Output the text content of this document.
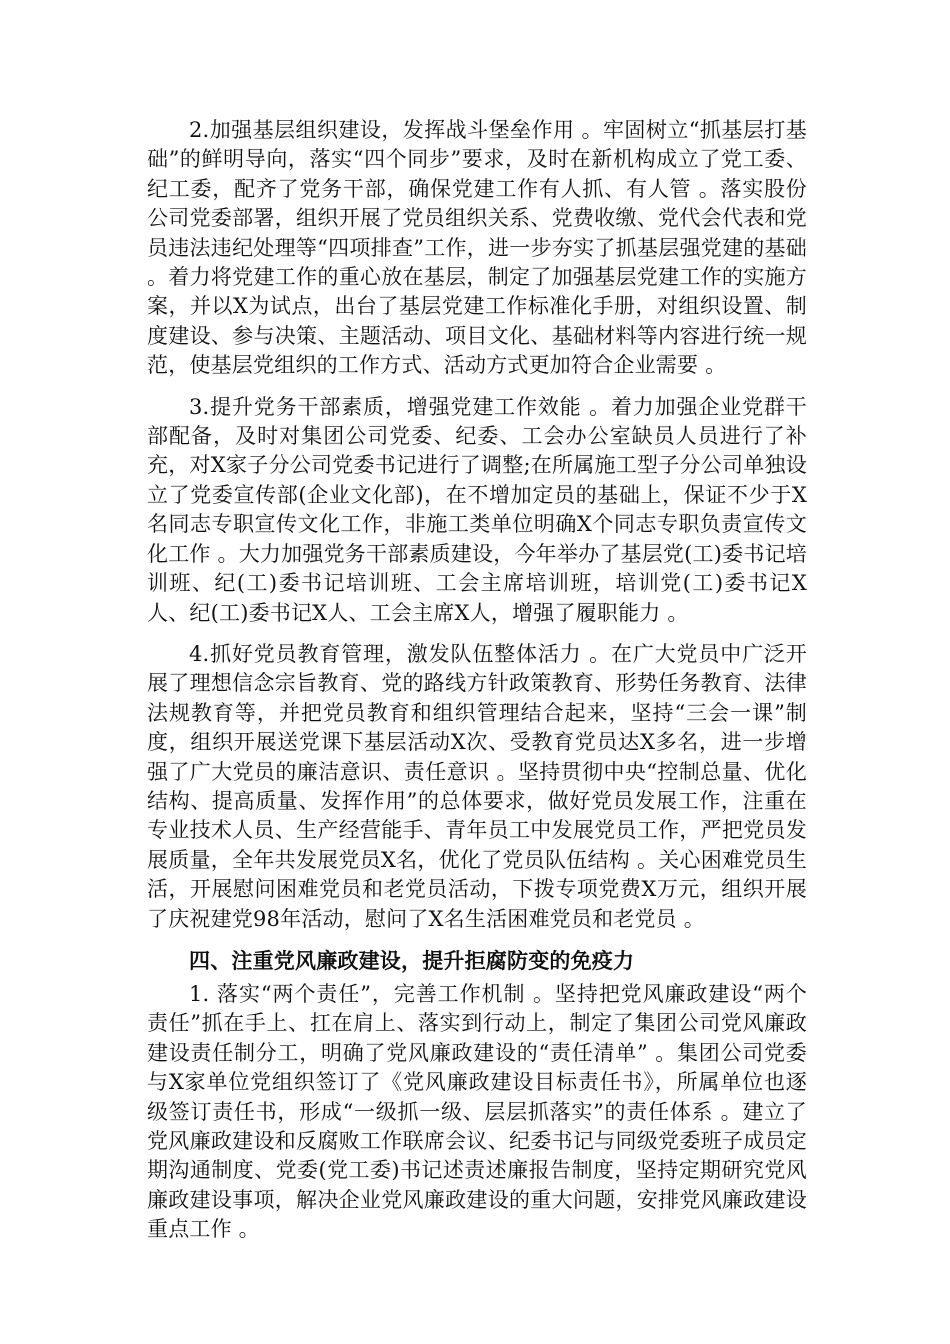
2.加强基层组织建设，发挥战斗堡垒作用 。牢固树立“抓基层打基础”的鲜明导向，落实“四个同步”要求，及时在新机构成立了党工委、纪工委，配齐了党务干部，确保党建工作有人抓、有人管 。落实股份公司党委部署，组织开展了党员组织关系、党费收缴、党代会代表和党员违法违纪处理等“四项排查”工作，进一步夯实了抓基层强党建的基础 。着力将党建工作的重心放在基层，制定了加强基层党建工作的实施方案，并以X为试点，出台了基层党建工作标准化手册，对组织设置、制度建设、参与决策、主题活动、项目文化、基础材料等内容进行统一规范，使基层党组织的工作方式、活动方式更加符合企业需要 。

3.提升党务干部素质，增强党建工作效能 。着力加强企业党群干部配备，及时对集团公司党委、纪委、工会办公室缺员人员进行了补充，对X家子分公司党委书记进行了调整;在所属施工型子分公司单独设立了党委宣传部(企业文化部)，在不增加定员的基础上，保证不少于X名同志专职宣传文化工作，非施工类单位明确X个同志专职负责宣传文化工作 。大力加强党务干部素质建设，今年举办了基层党(工)委书记培训班、纪(工)委书记培训班、工会主席培训班，培训党(工)委书记X人、纪(工)委书记X人、工会主席X人，增强了履职能力 。

4.抓好党员教育管理，激发队伍整体活力 。在广大党员中广泛开展了理想信念宗旨教育、党的路线方针政策教育、形势任务教育、法律法规教育等，并把党员教育和组织管理结合起来，坚持“三会一课”制度，组织开展送党课下基层活动X次、受教育党员达X多名，进一步增强了广大党员的廉洁意识、责任意识 。坚持贯彻中央“控制总量、优化结构、提高质量、发挥作用”的总体要求，做好党员发展工作，注重在专业技术人员、生产经营能手、青年员工中发展党员工作，严把党员发展质量，全年共发展党员X名，优化了党员队伍结构 。关心困难党员生活，开展慰问困难党员和老党员活动，下拨专项党费X万元，组织开展了庆祝建党98年活动，慰问了X名生活困难党员和老党员 。

四、注重党风廉政建设，提升拒腐防变的免疫力

1. 落实“两个责任”，完善工作机制 。坚持把党风廉政建设“两个责任”抓在手上、扛在肩上、落实到行动上，制定了集团公司党风廉政建设责任制分工，明确了党风廉政建设的“责任清单” 。集团公司党委与X家单位党组织签订了《党风廉政建设目标责任书》，所属单位也逐级签订责任书，形成“一级抓一级、层层抓落实”的责任体系 。建立了党风廉政建设和反腐败工作联席会议、纪委书记与同级党委班子成员定期沟通制度、党委(党工委)书记述责述廉报告制度，坚持定期研究党风廉政建设事项，解决企业党风廉政建设的重大问题，安排党风廉政建设重点工作 。
